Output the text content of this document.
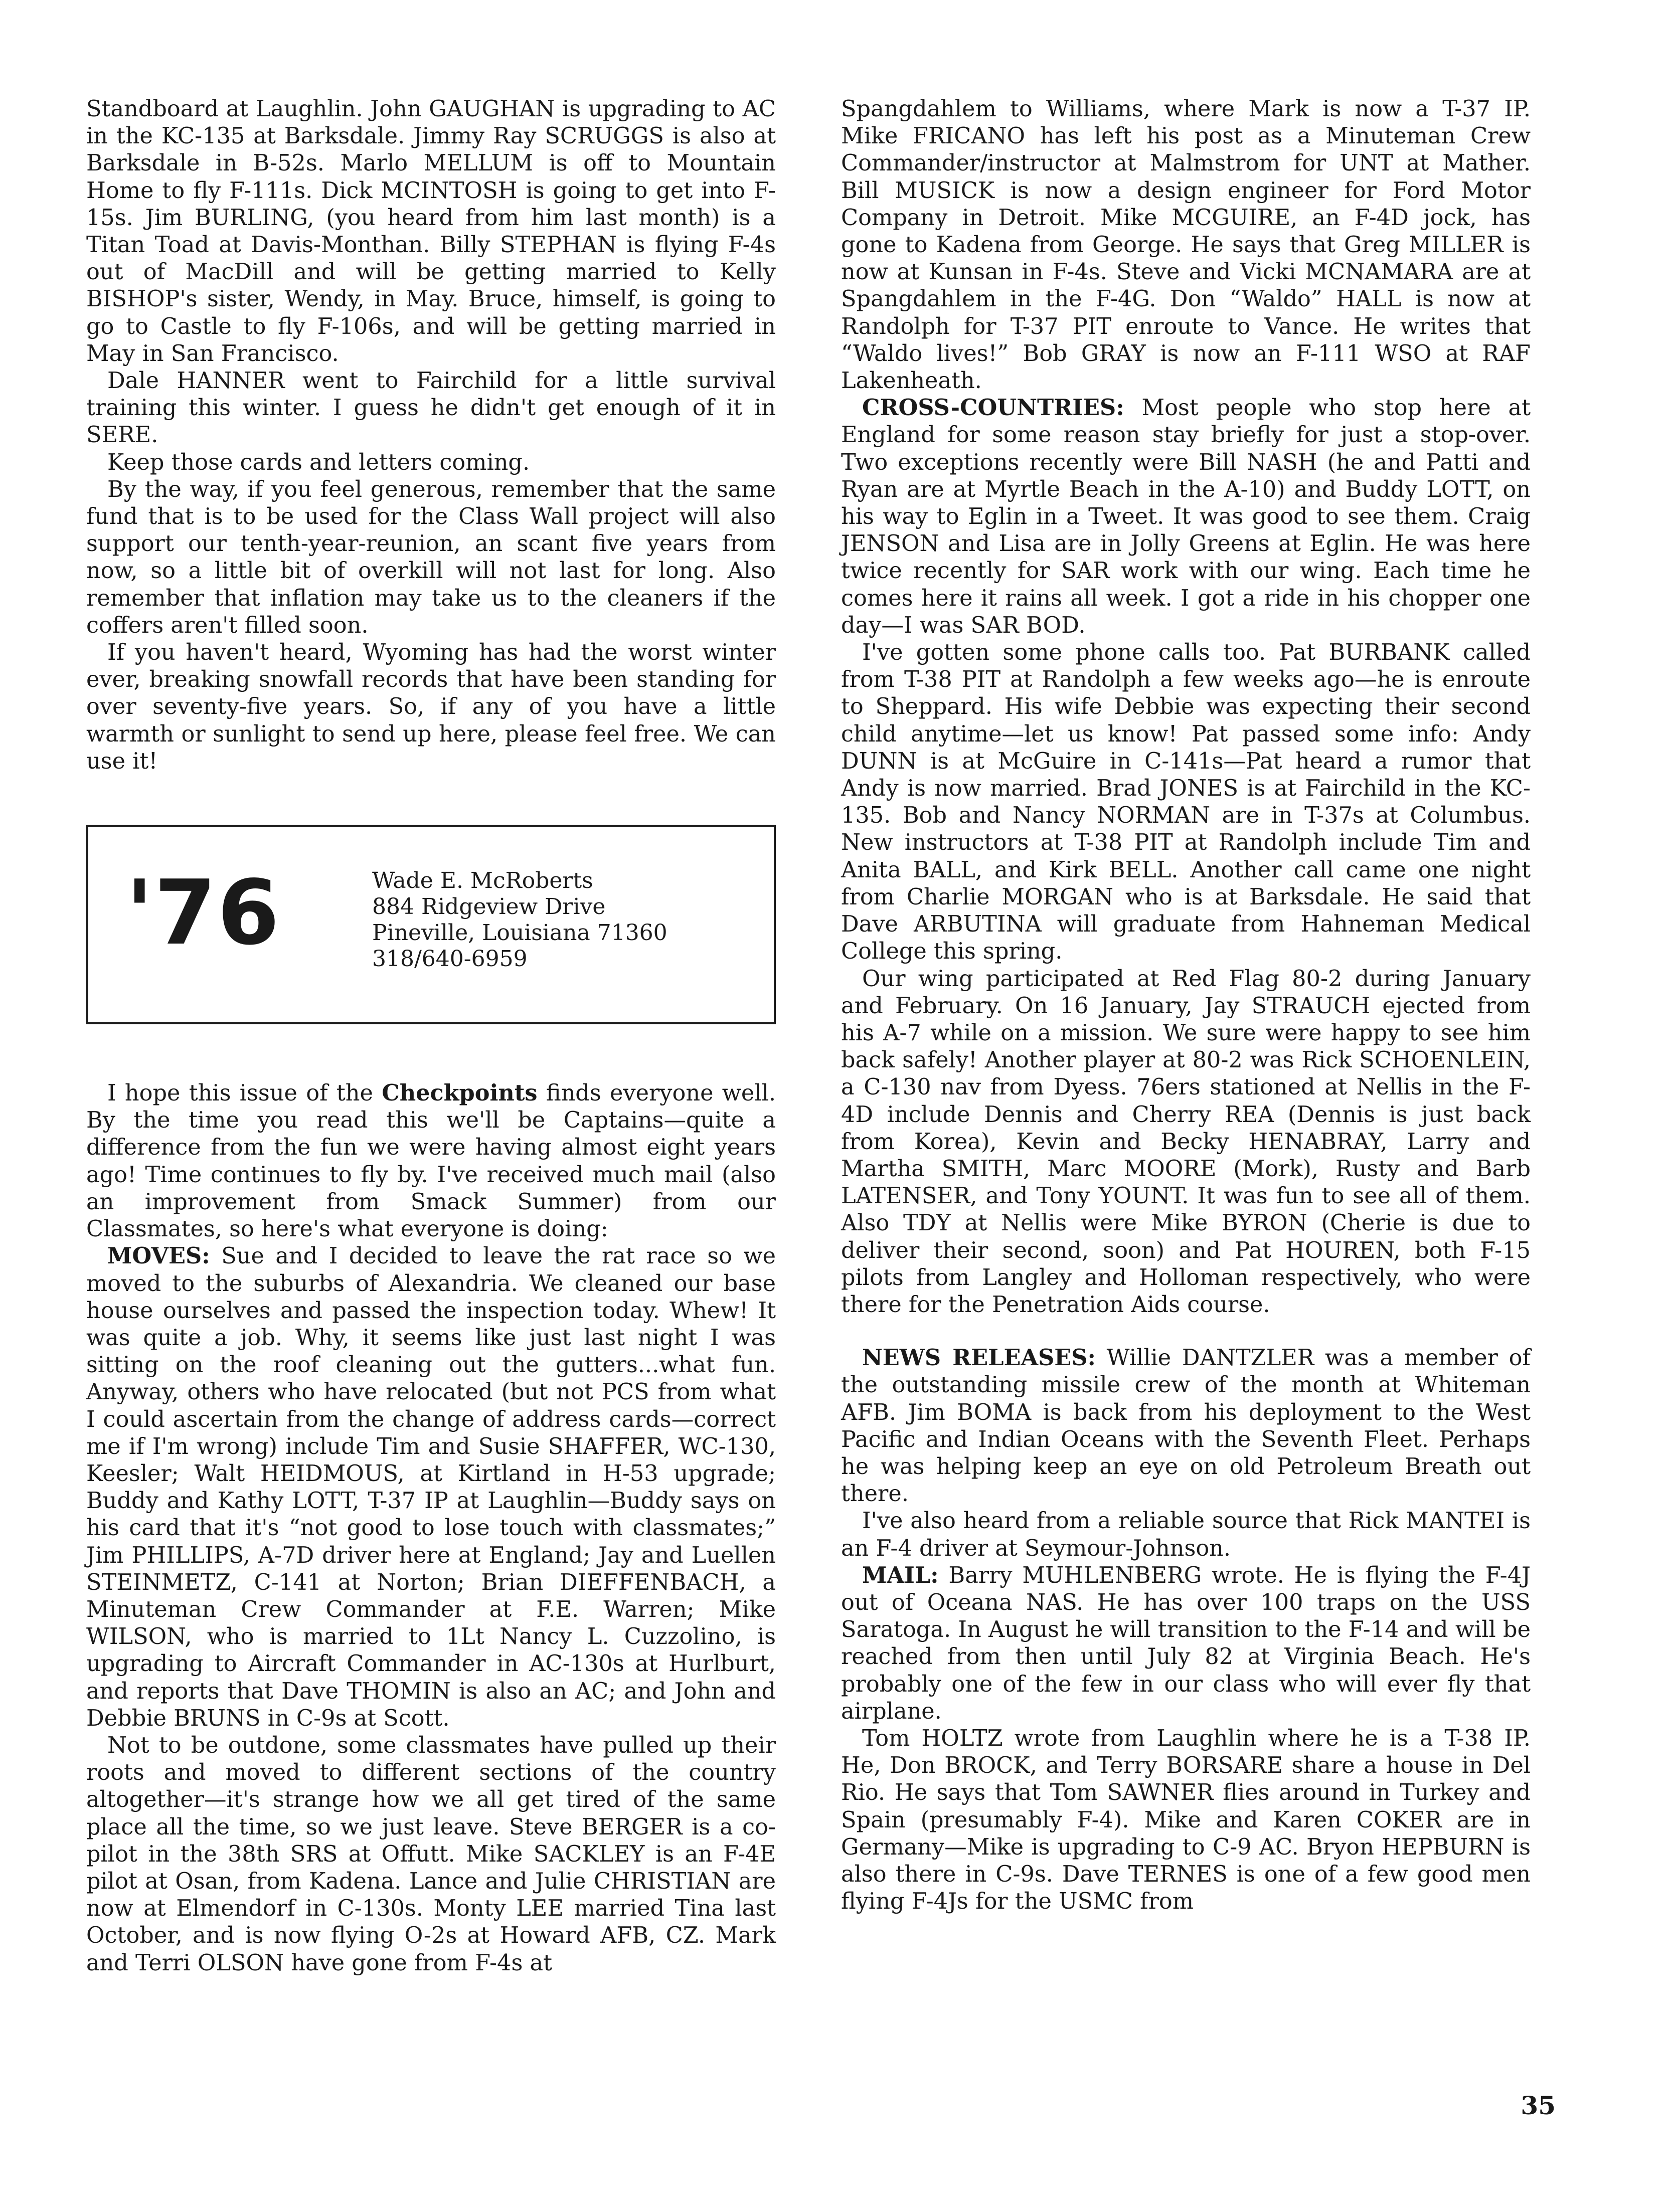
Standboard at Laughlin. John GAUGHAN is upgrading to AC in the KC-135 at Barksdale. Jimmy Ray SCRUGGS is also at Barksdale in B-52s. Marlo MELLUM is off to Mountain Home to fly F-111s. Dick MCINTOSH is going to get into F-15s. Jim BURLING, (you heard from him last month) is a Titan Toad at Davis-Monthan. Billy STEPHAN is flying F-4s out of MacDill and will be getting married to Kelly BISHOP's sister, Wendy, in May. Bruce, himself, is going to go to Castle to fly F-106s, and will be getting married in May in San Francisco.

Dale HANNER went to Fairchild for a little survival training this winter. I guess he didn't get enough of it in SERE.

Keep those cards and letters coming.

By the way, if you feel generous, remember that the same fund that is to be used for the Class Wall project will also support our tenth-year-reunion, an scant five years from now, so a little bit of overkill will not last for long. Also remember that inflation may take us to the cleaners if the coffers aren't filled soon.

If you haven't heard, Wyoming has had the worst winter ever, breaking snowfall records that have been standing for over seventy-five years. So, if any of you have a little warmth or sunlight to send up here, please feel free. We can use it!

'76	Wade E. McRoberts
884 Ridgeview Drive
Pineville, Louisiana 71360
318/640-6959

I hope this issue of the Checkpoints finds everyone well. By the time you read this we'll be Captains—quite a difference from the fun we were having almost eight years ago! Time continues to fly by. I've received much mail (also an improvement from Smack Summer) from our Classmates, so here's what everyone is doing:

MOVES: Sue and I decided to leave the rat race so we moved to the suburbs of Alexandria. We cleaned our base house ourselves and passed the inspection today. Whew! It was quite a job. Why, it seems like just last night I was sitting on the roof cleaning out the gutters...what fun. Anyway, others who have relocated (but not PCS from what I could ascertain from the change of address cards—correct me if I'm wrong) include Tim and Susie SHAFFER, WC-130, Keesler; Walt HEIDMOUS, at Kirtland in H-53 upgrade; Buddy and Kathy LOTT, T-37 IP at Laughlin—Buddy says on his card that it's “not good to lose touch with classmates;” Jim PHILLIPS, A-7D driver here at England; Jay and Luellen STEINMETZ, C-141 at Norton; Brian DIEFFENBACH, a Minuteman Crew Commander at F.E. Warren; Mike WILSON, who is married to 1Lt Nancy L. Cuzzolino, is upgrading to Aircraft Commander in AC-130s at Hurlburt, and reports that Dave THOMIN is also an AC; and John and Debbie BRUNS in C-9s at Scott.

Not to be outdone, some classmates have pulled up their roots and moved to different sections of the country altogether—it's strange how we all get tired of the same place all the time, so we just leave. Steve BERGER is a co-pilot in the 38th SRS at Offutt. Mike SACKLEY is an F-4E pilot at Osan, from Kadena. Lance and Julie CHRISTIAN are now at Elmendorf in C-130s. Monty LEE married Tina last October, and is now flying O-2s at Howard AFB, CZ. Mark and Terri OLSON have gone from F-4s at

Spangdahlem to Williams, where Mark is now a T-37 IP. Mike FRICANO has left his post as a Minuteman Crew Commander/instructor at Malmstrom for UNT at Mather. Bill MUSICK is now a design engineer for Ford Motor Company in Detroit. Mike MCGUIRE, an F-4D jock, has gone to Kadena from George. He says that Greg MILLER is now at Kunsan in F-4s. Steve and Vicki MCNAMARA are at Spangdahlem in the F-4G. Don “Waldo” HALL is now at Randolph for T-37 PIT enroute to Vance. He writes that “Waldo lives!” Bob GRAY is now an F-111 WSO at RAF Lakenheath.

CROSS-COUNTRIES: Most people who stop here at England for some reason stay briefly for just a stop-over. Two exceptions recently were Bill NASH (he and Patti and Ryan are at Myrtle Beach in the A-10) and Buddy LOTT, on his way to Eglin in a Tweet. It was good to see them. Craig JENSON and Lisa are in Jolly Greens at Eglin. He was here twice recently for SAR work with our wing. Each time he comes here it rains all week. I got a ride in his chopper one day—I was SAR BOD.

I've gotten some phone calls too. Pat BURBANK called from T-38 PIT at Randolph a few weeks ago—he is enroute to Sheppard. His wife Debbie was expecting their second child anytime—let us know! Pat passed some info: Andy DUNN is at McGuire in C-141s—Pat heard a rumor that Andy is now married. Brad JONES is at Fairchild in the KC-135. Bob and Nancy NORMAN are in T-37s at Columbus. New instructors at T-38 PIT at Randolph include Tim and Anita BALL, and Kirk BELL. Another call came one night from Charlie MORGAN who is at Barksdale. He said that Dave ARBUTINA will graduate from Hahneman Medical College this spring.

Our wing participated at Red Flag 80-2 during January and February. On 16 January, Jay STRAUCH ejected from his A-7 while on a mission. We sure were happy to see him back safely! Another player at 80-2 was Rick SCHOENLEIN, a C-130 nav from Dyess. 76ers stationed at Nellis in the F-4D include Dennis and Cherry REA (Dennis is just back from Korea), Kevin and Becky HENABRAY, Larry and Martha SMITH, Marc MOORE (Mork), Rusty and Barb LATENSER, and Tony YOUNT. It was fun to see all of them. Also TDY at Nellis were Mike BYRON (Cherie is due to deliver their second, soon) and Pat HOUREN, both F-15 pilots from Langley and Holloman respectively, who were there for the Penetration Aids course.

NEWS RELEASES: Willie DANTZLER was a member of the outstanding missile crew of the month at Whiteman AFB. Jim BOMA is back from his deployment to the West Pacific and Indian Oceans with the Seventh Fleet. Perhaps he was helping keep an eye on old Petroleum Breath out there.

I've also heard from a reliable source that Rick MANTEI is an F-4 driver at Seymour-Johnson.

MAIL: Barry MUHLENBERG wrote. He is flying the F-4J out of Oceana NAS. He has over 100 traps on the USS Saratoga. In August he will transition to the F-14 and will be reached from then until July 82 at Virginia Beach. He's probably one of the few in our class who will ever fly that airplane.

Tom HOLTZ wrote from Laughlin where he is a T-38 IP. He, Don BROCK, and Terry BORSARE share a house in Del Rio. He says that Tom SAWNER flies around in Turkey and Spain (presumably F-4). Mike and Karen COKER are in Germany—Mike is upgrading to C-9 AC. Bryon HEPBURN is also there in C-9s. Dave TERNES is one of a few good men flying F-4Js for the USMC from

35
